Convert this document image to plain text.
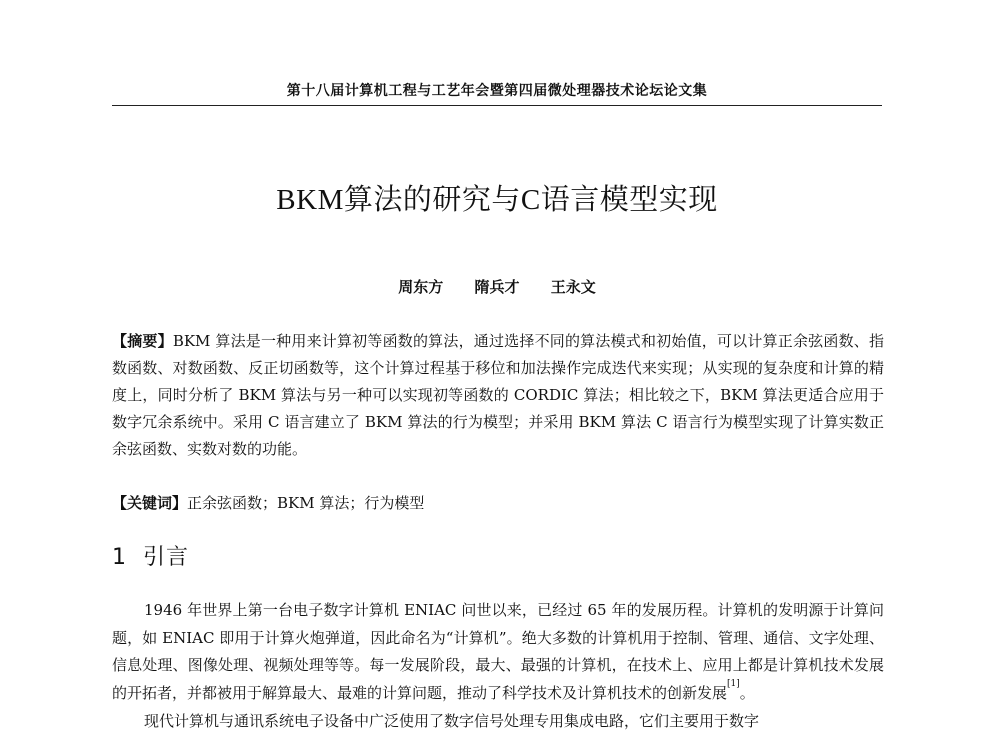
第十八届计算机工程与工艺年会暨第四届微处理器技术论坛论文集
BKM算法的研究与C语言模型实现
周东方 隋兵才 王永文

【摘要】BKM 算法是一种用来计算初等函数的算法，通过选择不同的算法模式和初始值，可以计算正余弦函数、指数函数、对数函数、反正切函数等，这个计算过程基于移位和加法操作完成迭代来实现；从实现的复杂度和计算的精度上，同时分析了 BKM 算法与另一种可以实现初等函数的 CORDIC 算法；相比较之下，BKM 算法更适合应用于数字冗余系统中。采用 C 语言建立了 BKM 算法的行为模型；并采用 BKM 算法 C 语言行为模型实现了计算实数正余弦函数、实数对数的功能。

【关键词】正余弦函数；BKM 算法；行为模型
1 引言

1946 年世界上第一台电子数字计算机 ENIAC 问世以来，已经过 65 年的发展历程。计算机的发明源于计算问题，如 ENIAC 即用于计算火炮弹道，因此命名为“计算机”。绝大多数的计算机用于控制、管理、通信、文字处理、信息处理、图像处理、视频处理等等。每一发展阶段，最大、最强的计算机，在技术上、应用上都是计算机技术发展的开拓者，并都被用于解算最大、最难的计算问题，推动了科学技术及计算机技术的创新发展[1]。

现代计算机与通讯系统电子设备中广泛使用了数字信号处理专用集成电路，它们主要用于数字
